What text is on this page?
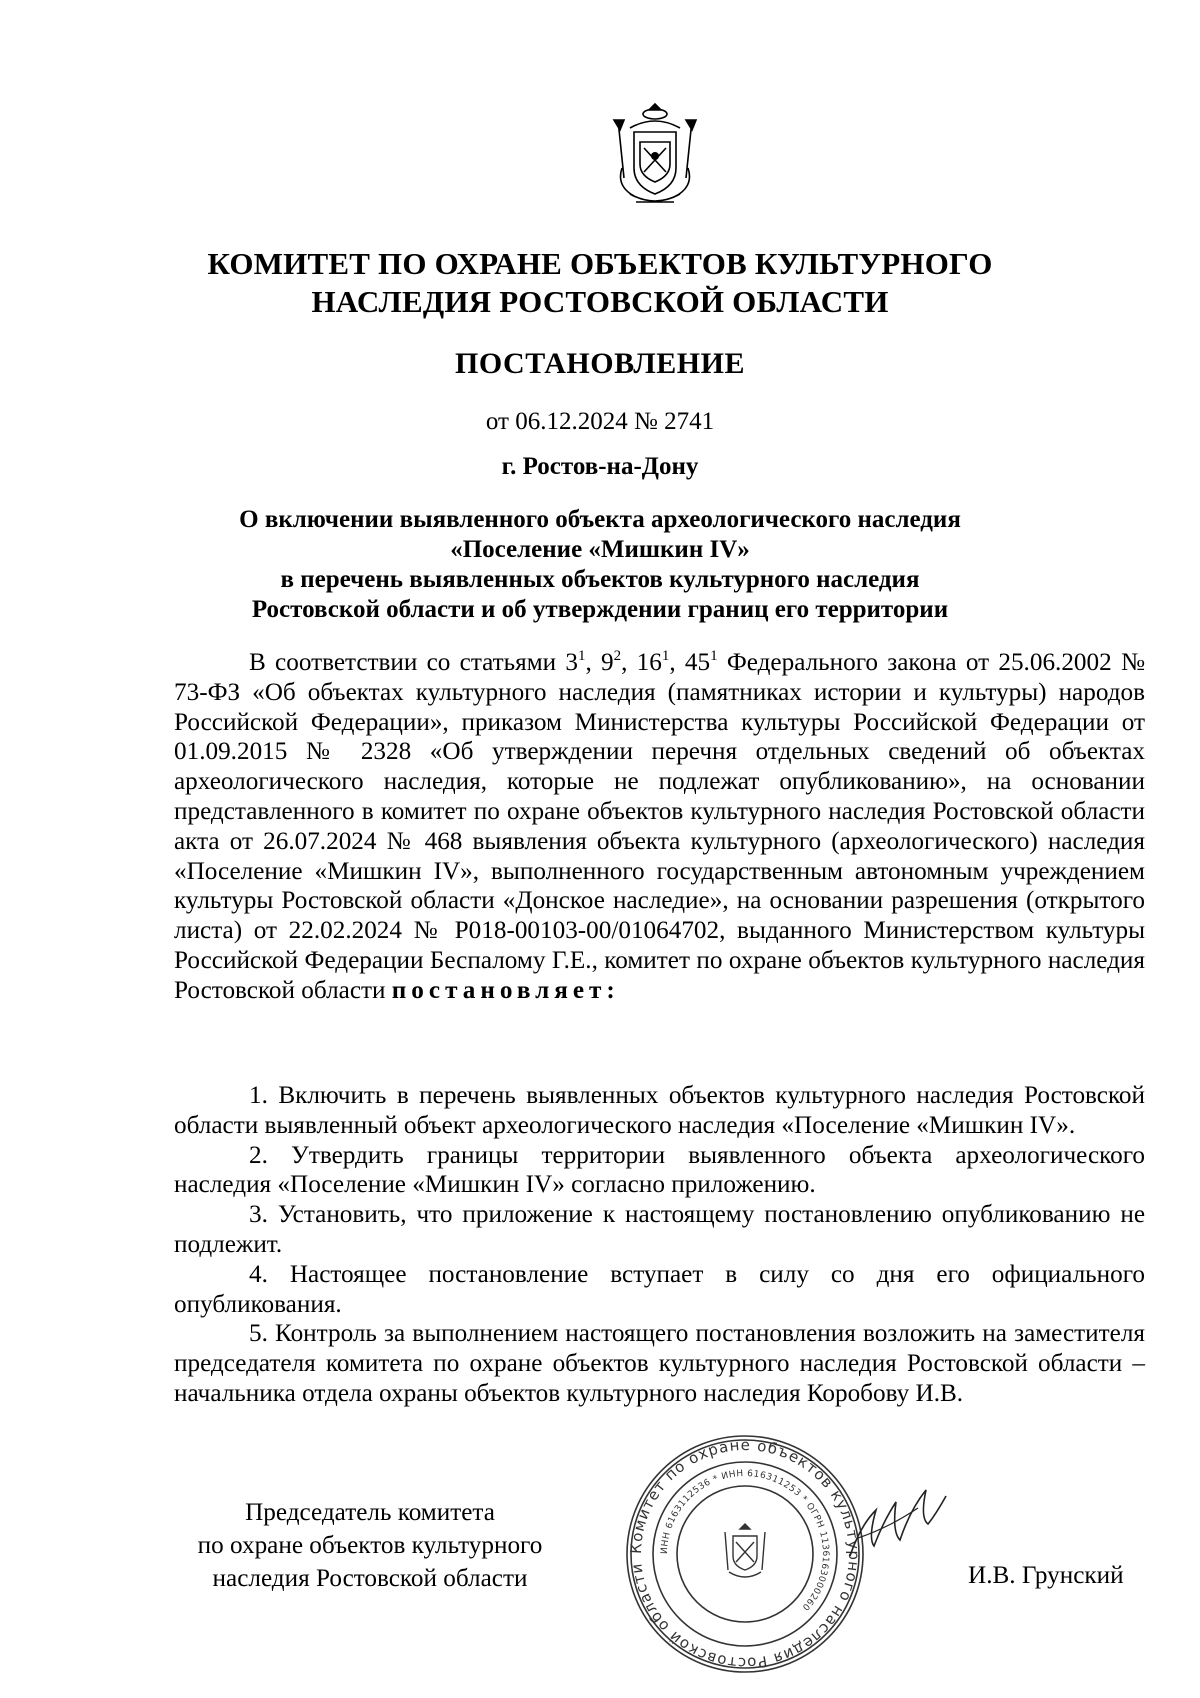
КОМИТЕТ ПО ОХРАНЕ ОБЪЕКТОВ КУЛЬТУРНОГО
НАСЛЕДИЯ РОСТОВСКОЙ ОБЛАСТИ
ПОСТАНОВЛЕНИЕ
от 06.12.2024 № 2741
г. Ростов-на-Дону
О включении выявленного объекта археологического наследия
«Поселение «Мишкин IV»
в перечень выявленных объектов культурного наследия
Ростовской области и об утверждении границ его территории

В соответствии со статьями $3^1$, $9^2$, $16^1$, $45^1$ Федерального закона от 25.06.2002 № 73-ФЗ «Об объектах культурного наследия (памятниках истории и культуры) народов Российской Федерации», приказом Министерства культуры Российской Федерации от 01.09.2015 № 2328 «Об утверждении перечня отдельных сведений об объектах археологического наследия, которые не подлежат опубликованию», на основании представленного в комитет по охране объектов культурного наследия Ростовской области акта от 26.07.2024 № 468 выявления объекта культурного (археологического) наследия «Поселение «Мишкин IV», выполненного государственным автономным учреждением культуры Ростовской области «Донское наследие», на основании разрешения (открытого листа) от 22.02.2024 № Р018-00103-00/01064702, выданного Министерством культуры Российской Федерации Беспалому Г.Е., комитет по охране объектов культурного наследия Ростовской области постановляет:

1. Включить в перечень выявленных объектов культурного наследия Ростовской области выявленный объект археологического наследия «Поселение «Мишкин IV».

2. Утвердить границы территории выявленного объекта археологического наследия «Поселение «Мишкин IV» согласно приложению.

3. Установить, что приложение к настоящему постановлению опубликованию не подлежит.

4. Настоящее постановление вступает в силу со дня его официального опубликования.

5. Контроль за выполнением настоящего постановления возложить на заместителя председателя комитета по охране объектов культурного наследия Ростовской области – начальника отдела охраны объектов культурного наследия Коробову И.В.

Председатель комитета
по охране объектов культурного
наследия Ростовской области
Комитет по охране объектов культурного наследия Ростовской области
ИНН 6163112536 * ИНН 616311253 * ОГРН 1136163000260
И.В. Грунский
